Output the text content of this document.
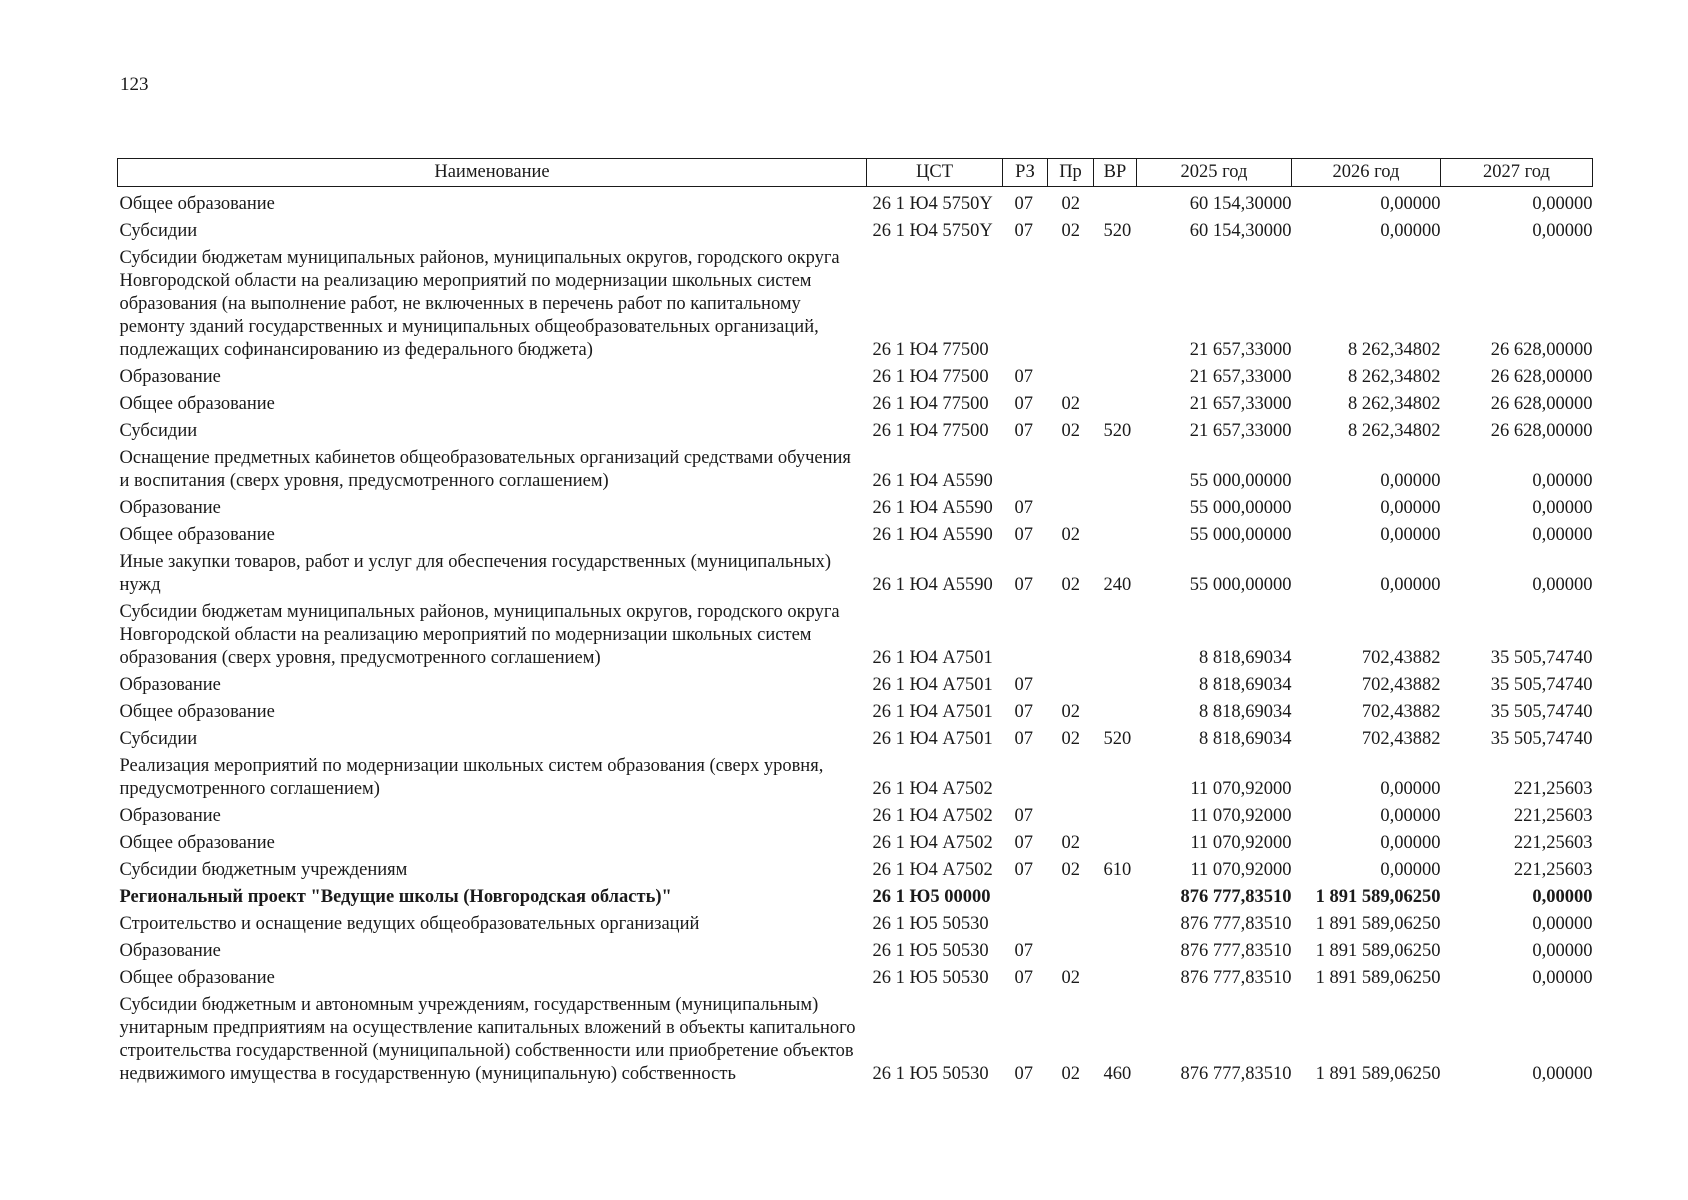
123
Наименование	ЦСТ	РЗ	Пр	ВР	2025 год	2026 год	2027 год
Общее образование	26 1 Ю4 5750Y	07	02		60 154,30000	0,00000	0,00000
Субсидии	26 1 Ю4 5750Y	07	02	520	60 154,30000	0,00000	0,00000
Субсидии бюджетам муниципальных районов, муниципальных округов, городского округа Новгородской области на реализацию мероприятий по модернизации школьных систем образования (на выполнение работ, не включенных в перечень работ по капитальному ремонту зданий государственных и муниципальных общеобразовательных организаций, подлежащих софинансированию из федерального бюджета)	26 1 Ю4 77500				21 657,33000	8 262,34802	26 628,00000
Образование	26 1 Ю4 77500	07			21 657,33000	8 262,34802	26 628,00000
Общее образование	26 1 Ю4 77500	07	02		21 657,33000	8 262,34802	26 628,00000
Субсидии	26 1 Ю4 77500	07	02	520	21 657,33000	8 262,34802	26 628,00000
Оснащение предметных кабинетов общеобразовательных организаций средствами обучения и воспитания (сверх уровня, предусмотренного соглашением)	26 1 Ю4 А5590				55 000,00000	0,00000	0,00000
Образование	26 1 Ю4 А5590	07			55 000,00000	0,00000	0,00000
Общее образование	26 1 Ю4 А5590	07	02		55 000,00000	0,00000	0,00000
Иные закупки товаров, работ и услуг для обеспечения государственных (муниципальных) нужд	26 1 Ю4 А5590	07	02	240	55 000,00000	0,00000	0,00000
Субсидии бюджетам муниципальных районов, муниципальных округов, городского округа Новгородской области на реализацию мероприятий по модернизации школьных систем образования (сверх уровня, предусмотренного соглашением)	26 1 Ю4 А7501				8 818,69034	702,43882	35 505,74740
Образование	26 1 Ю4 А7501	07			8 818,69034	702,43882	35 505,74740
Общее образование	26 1 Ю4 А7501	07	02		8 818,69034	702,43882	35 505,74740
Субсидии	26 1 Ю4 А7501	07	02	520	8 818,69034	702,43882	35 505,74740
Реализация мероприятий по модернизации школьных систем образования (сверх уровня, предусмотренного соглашением)	26 1 Ю4 А7502				11 070,92000	0,00000	221,25603
Образование	26 1 Ю4 А7502	07			11 070,92000	0,00000	221,25603
Общее образование	26 1 Ю4 А7502	07	02		11 070,92000	0,00000	221,25603
Субсидии бюджетным учреждениям	26 1 Ю4 А7502	07	02	610	11 070,92000	0,00000	221,25603
Региональный проект "Ведущие школы (Новгородская область)"	26 1 Ю5 00000				876 777,83510	1 891 589,06250	0,00000
Строительство и оснащение ведущих общеобразовательных организаций	26 1 Ю5 50530				876 777,83510	1 891 589,06250	0,00000
Образование	26 1 Ю5 50530	07			876 777,83510	1 891 589,06250	0,00000
Общее образование	26 1 Ю5 50530	07	02		876 777,83510	1 891 589,06250	0,00000
Субсидии бюджетным и автономным учреждениям, государственным (муниципальным) унитарным предприятиям на осуществление капитальных вложений в объекты капитального строительства государственной (муниципальной) собственности или приобретение объектов недвижимого имущества в государственную (муниципальную) собственность	26 1 Ю5 50530	07	02	460	876 777,83510	1 891 589,06250	0,00000
